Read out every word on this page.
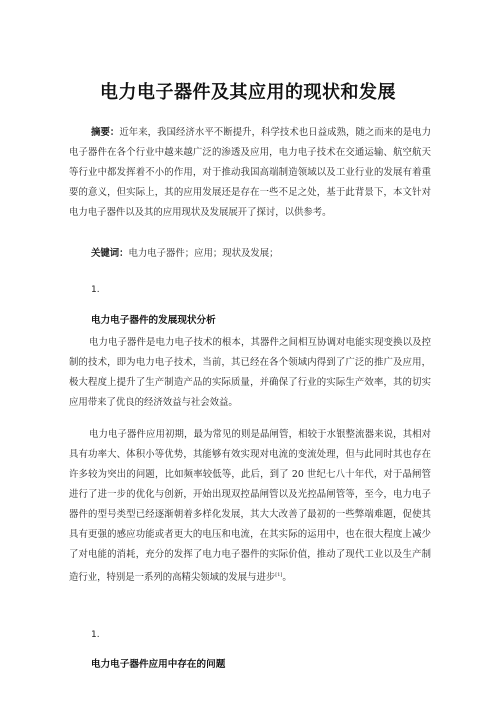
电力电子器件及其应用的现状和发展
摘要：近年来，我国经济水平不断提升，科学技术也日益成熟，随之而来的是电力电子器件在各个行业中越来越广泛的渗透及应用，电力电子技术在交通运输、航空航天等行业中都发挥着不小的作用，对于推动我国高端制造领域以及工业行业的发展有着重要的意义，但实际上，其的应用发展还是存在一些不足之处，基于此背景下，本文针对电力电子器件以及其的应用现状及发展展开了探讨，以供参考。
关键词：电力电子器件；应用；现状及发展；
1.
电力电子器件的发展现状分析
电力电子器件是电力电子技术的根本，其器件之间相互协调对电能实现变换以及控制的技术，即为电力电子技术，当前，其已经在各个领域内得到了广泛的推广及应用，极大程度上提升了生产制造产品的实际质量，并确保了行业的实际生产效率，其的切实应用带来了优良的经济效益与社会效益。
电力电子器件应用初期，最为常见的则是晶闸管，相较于水银整流器来说，其相对具有功率大、体积小等优势，其能够有效实现对电流的变流处理，但与此同时其也存在许多较为突出的问题，比如频率较低等，此后，到了 20 世纪七八十年代，对于晶闸管进行了进一步的优化与创新，开始出现双控晶闸管以及光控晶闸管等，至今，电力电子器件的型号类型已经逐渐朝着多样化发展，其大大改善了最初的一些弊端难题，促使其具有更强的感应功能或者更大的电压和电流，在其实际的运用中，也在很大程度上减少了对电能的消耗，充分的发挥了电力电子器件的实际价值，推动了现代工业以及生产制造行业，特别是一系列的高精尖领域的发展与进步[1]。
1.
电力电子器件应用中存在的问题
